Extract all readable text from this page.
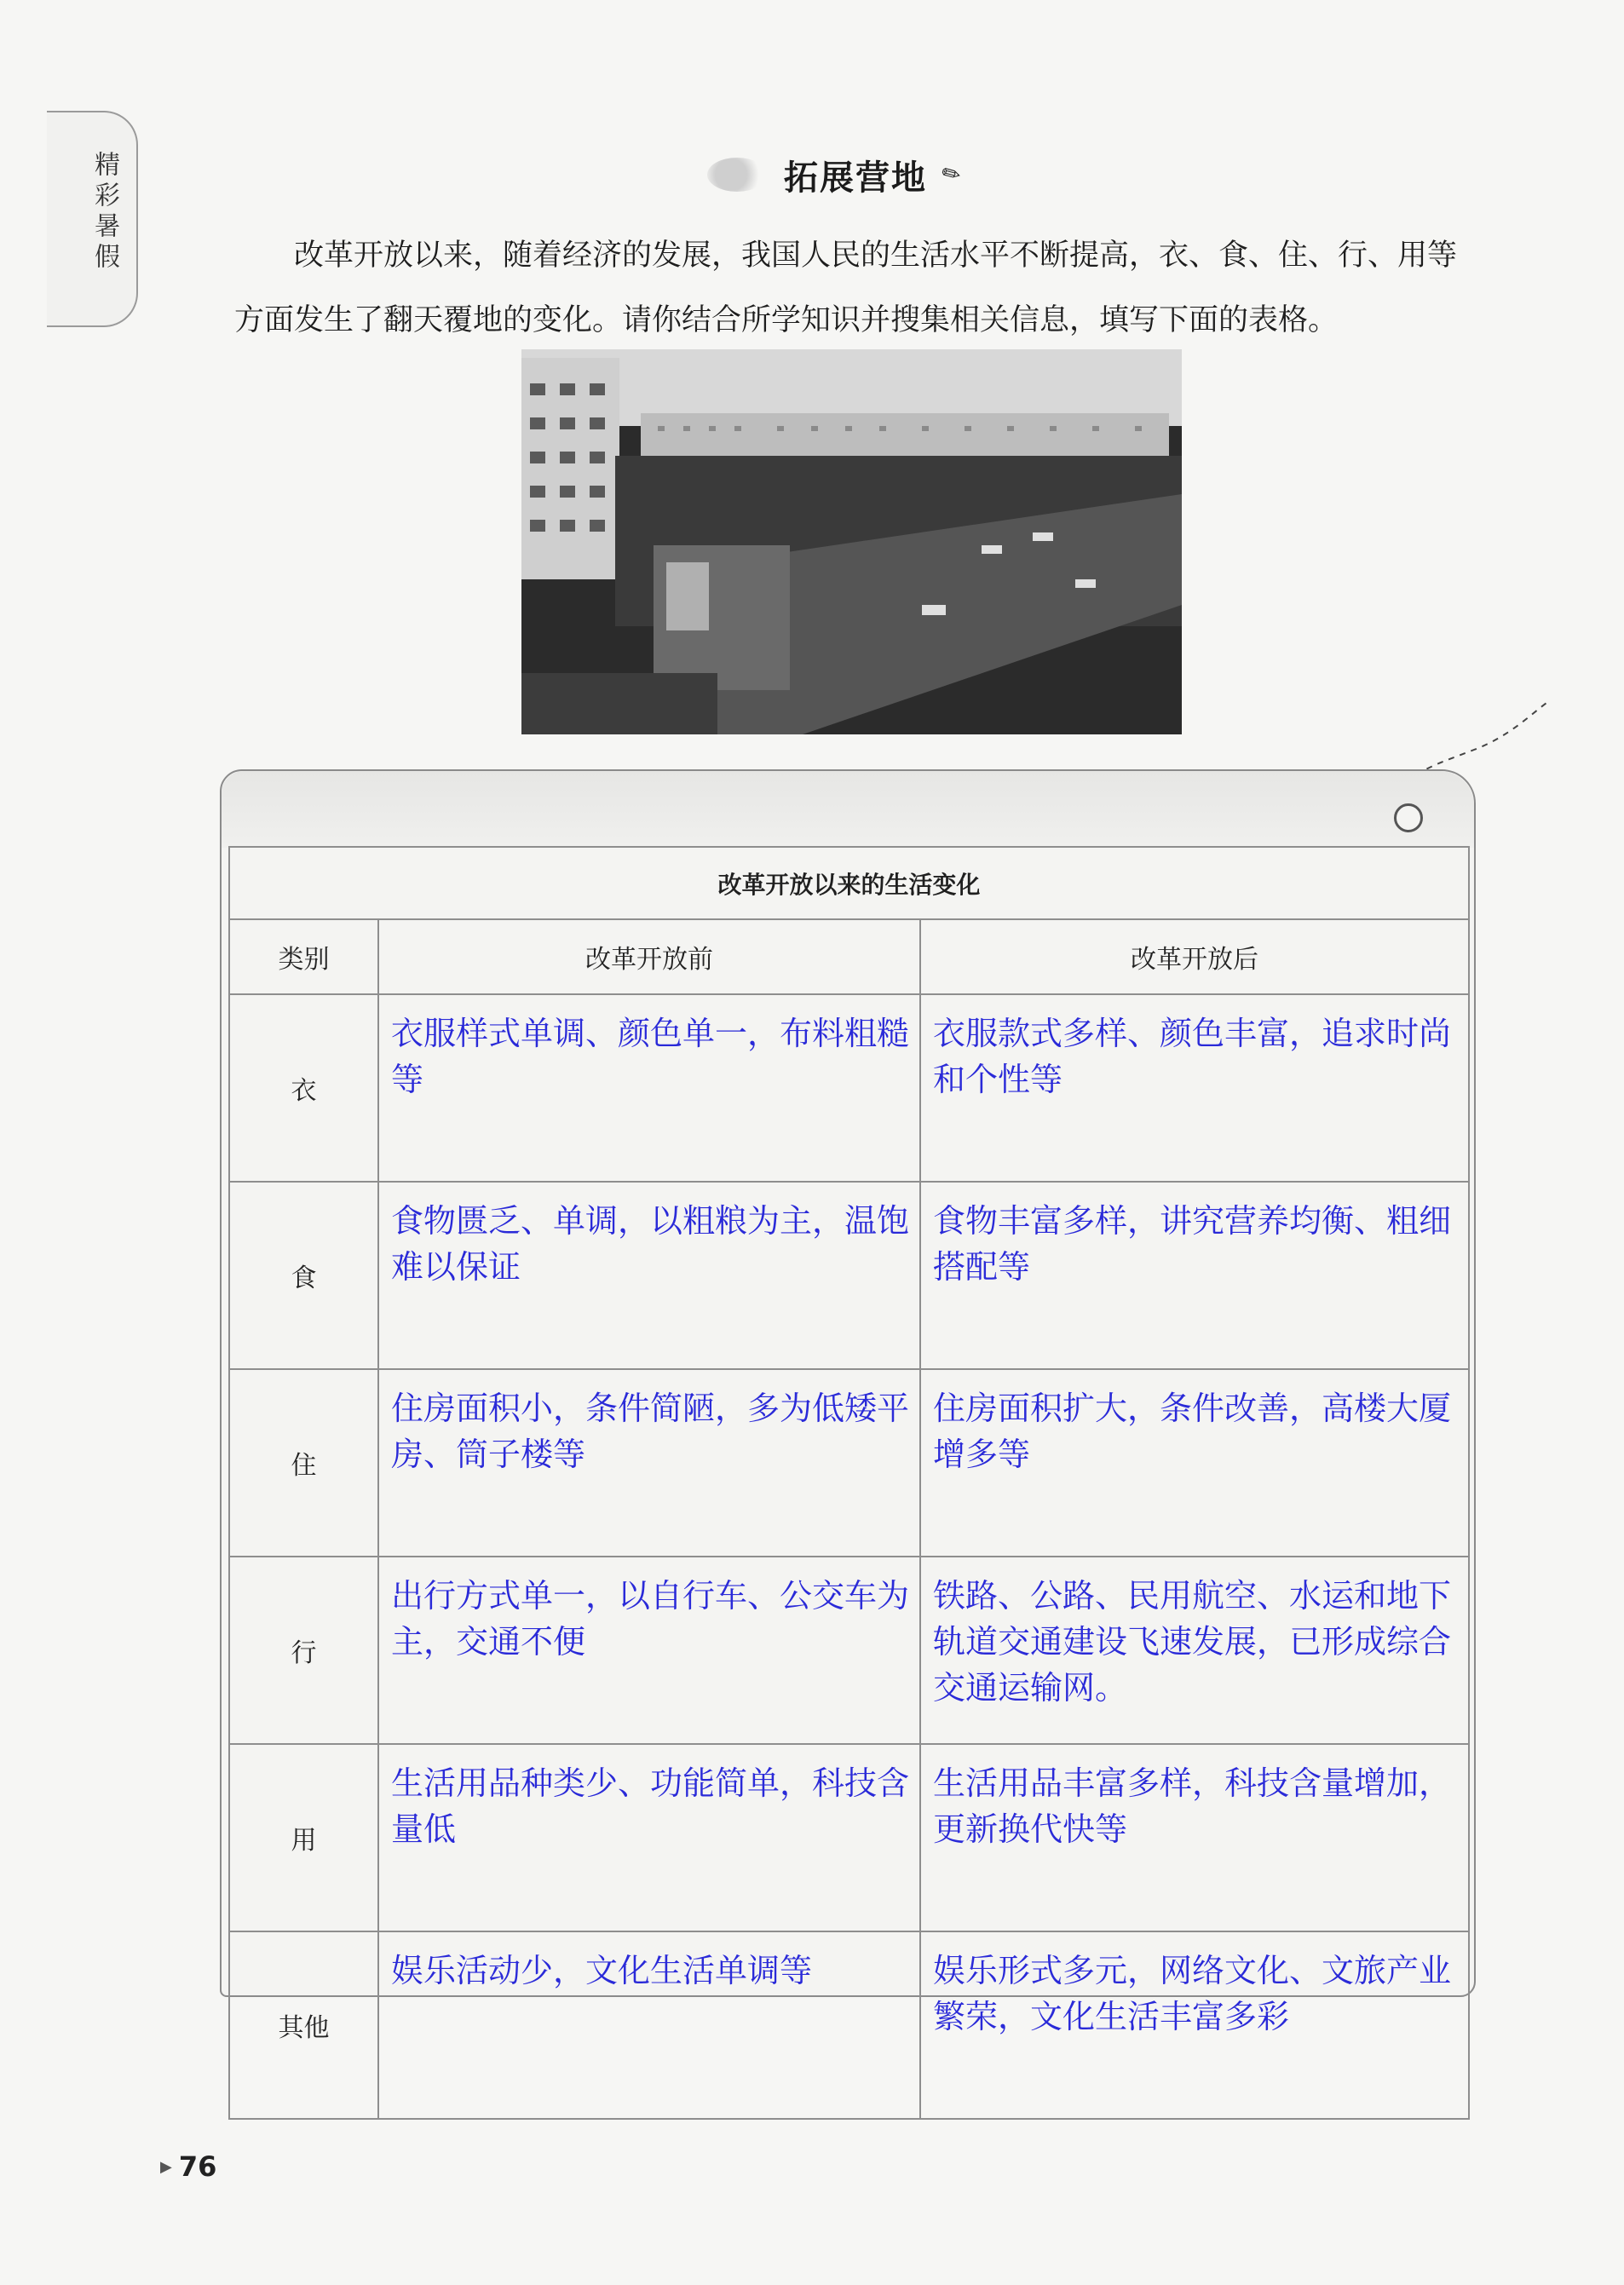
精彩暑假	拓展营地 ✎
改革开放以来，随着经济的发展，我国人民的生活水平不断提高，衣、食、住、行、用等方面发生了翻天覆地的变化。请你结合所学知识并搜集相关信息，填写下面的表格。
改革开放以来的生活变化		
类别	改革开放前	改革开放后
衣	衣服样式单调、颜色单一，布料粗糙等	衣服款式多样、颜色丰富，追求时尚和个性等
食	食物匮乏、单调，以粗粮为主，温饱难以保证	食物丰富多样，讲究营养均衡、粗细搭配等
住	住房面积小，条件简陋，多为低矮平房、筒子楼等	住房面积扩大，条件改善，高楼大厦增多等
行	出行方式单一，以自行车、公交车为主，交通不便	铁路、公路、民用航空、水运和地下轨道交通建设飞速发展，已形成综合交通运输网。
用	生活用品种类少、功能简单，科技含量低	生活用品丰富多样，科技含量增加，更新换代快等
其他	娱乐活动少，文化生活单调等	娱乐形式多元，网络文化、文旅产业繁荣，文化生活丰富多彩
▶ 76
